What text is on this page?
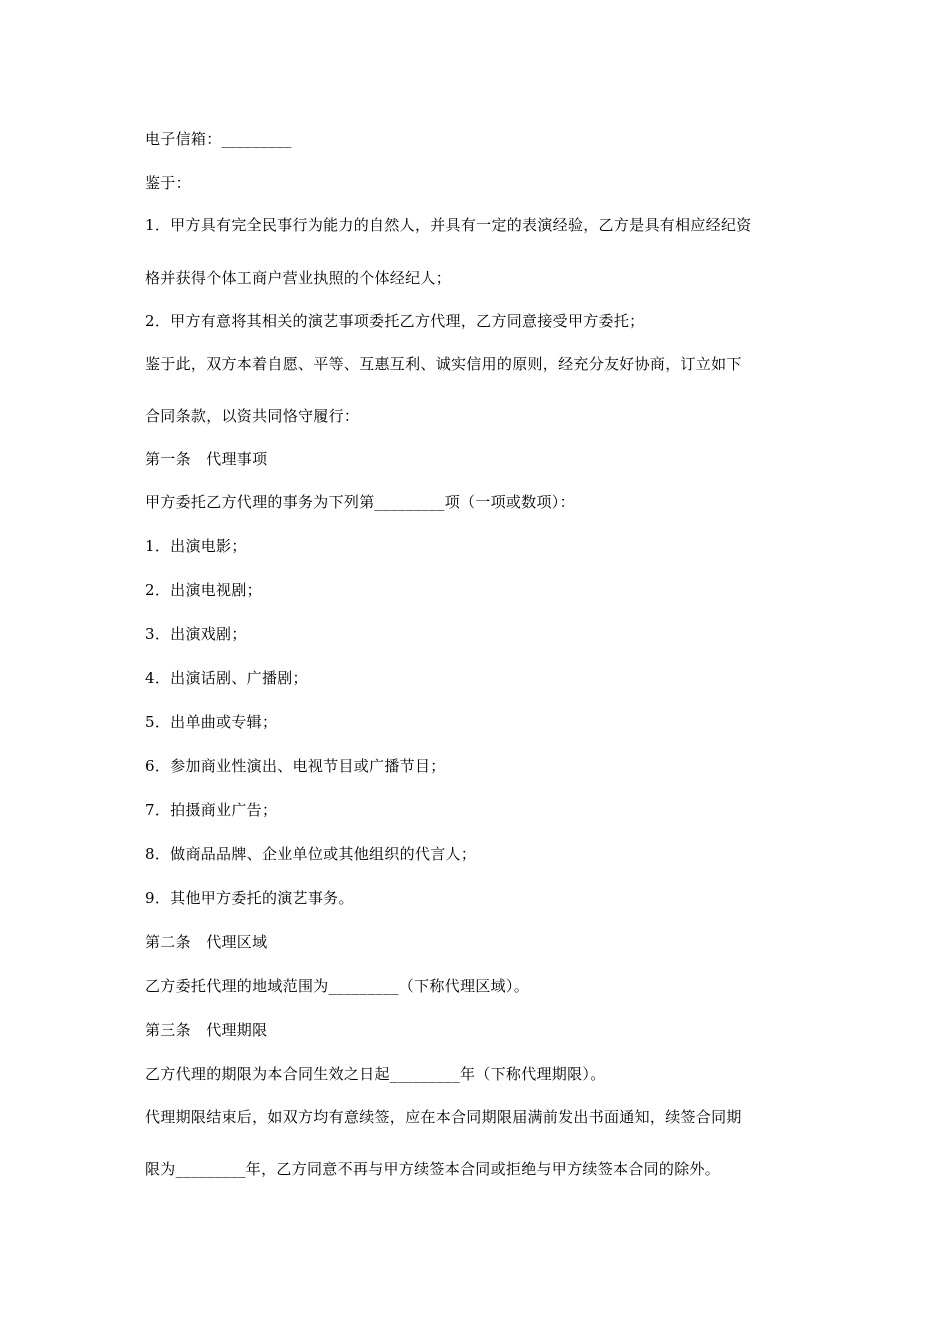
电子信箱：_________
鉴于：
1．甲方具有完全民事行为能力的自然人，并具有一定的表演经验，乙方是具有相应经纪资
格并获得个体工商户营业执照的个体经纪人；
2．甲方有意将其相关的演艺事项委托乙方代理，乙方同意接受甲方委托；
鉴于此，双方本着自愿、平等、互惠互利、诚实信用的原则，经充分友好协商，订立如下
合同条款，以资共同恪守履行：
第一条　代理事项
甲方委托乙方代理的事务为下列第_________项（一项或数项）：
1．出演电影；
2．出演电视剧；
3．出演戏剧；
4．出演话剧、广播剧；
5．出单曲或专辑；
6．参加商业性演出、电视节目或广播节目；
7．拍摄商业广告；
8．做商品品牌、企业单位或其他组织的代言人；
9．其他甲方委托的演艺事务。
第二条　代理区域
乙方委托代理的地域范围为_________（下称代理区域）。
第三条　代理期限
乙方代理的期限为本合同生效之日起_________年（下称代理期限）。
代理期限结束后，如双方均有意续签，应在本合同期限届满前发出书面通知，续签合同期
限为_________年，乙方同意不再与甲方续签本合同或拒绝与甲方续签本合同的除外。
